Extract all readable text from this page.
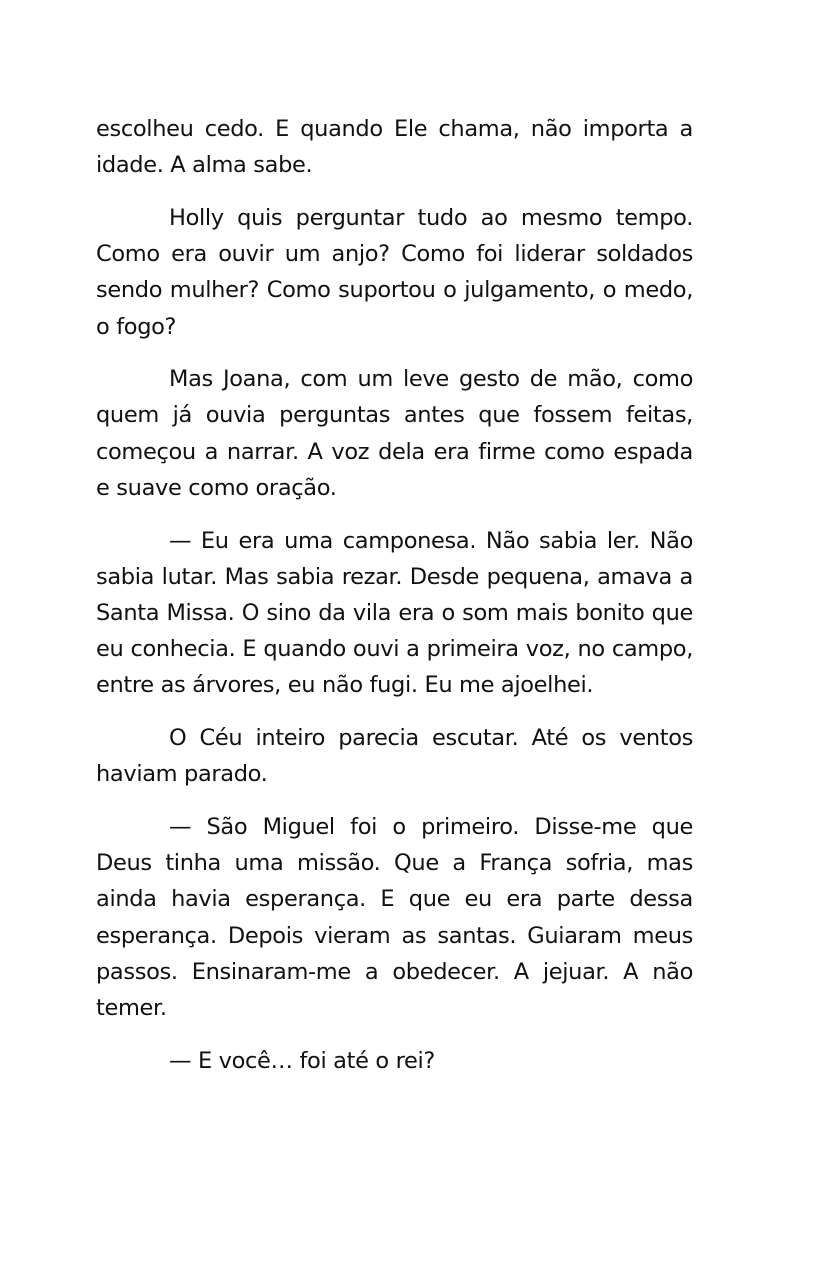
escolheu cedo. E quando Ele chama, não importa a idade. A alma sabe.

Holly quis perguntar tudo ao mesmo tempo. Como era ouvir um anjo? Como foi liderar soldados sendo mulher? Como suportou o julgamento, o medo, o fogo?

Mas Joana, com um leve gesto de mão, como quem já ouvia perguntas antes que fossem feitas, começou a narrar. A voz dela era firme como espada e suave como oração.

— Eu era uma camponesa. Não sabia ler. Não sabia lutar. Mas sabia rezar. Desde pequena, amava a Santa Missa. O sino da vila era o som mais bonito que eu conhecia. E quando ouvi a primeira voz, no campo, entre as árvores, eu não fugi. Eu me ajoelhei.

O Céu inteiro parecia escutar. Até os ventos haviam parado.

— São Miguel foi o primeiro. Disse-me que Deus tinha uma missão. Que a França sofria, mas ainda havia esperança. E que eu era parte dessa esperança. Depois vieram as santas. Guiaram meus passos. Ensinaram-me a obedecer. A jejuar. A não temer.

— E você… foi até o rei?
